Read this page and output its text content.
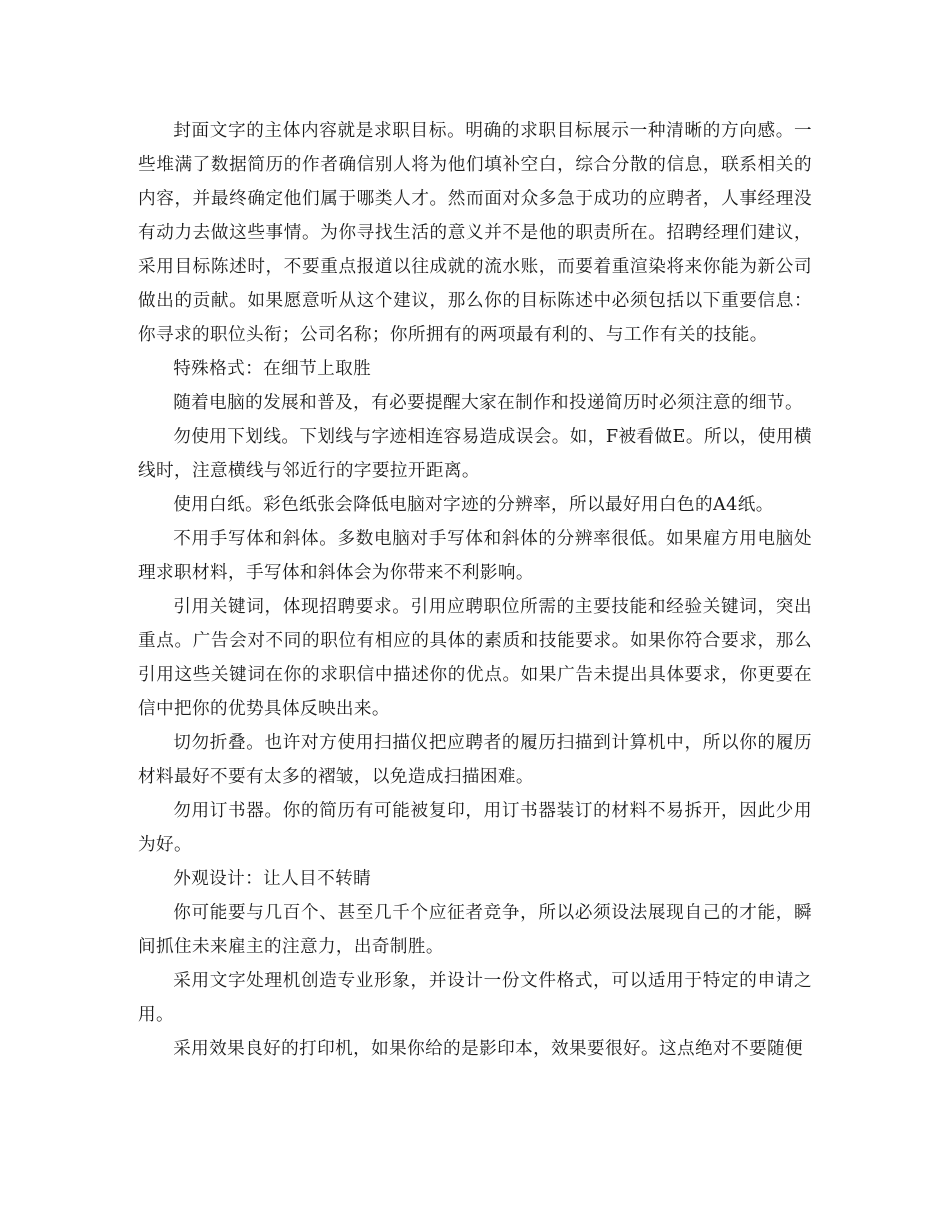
封面文字的主体内容就是求职目标。明确的求职目标展示一种清晰的方向感。一些堆满了数据简历的作者确信别人将为他们填补空白，综合分散的信息，联系相关的内容，并最终确定他们属于哪类人才。然而面对众多急于成功的应聘者，人事经理没有动力去做这些事情。为你寻找生活的意义并不是他的职责所在。招聘经理们建议，采用目标陈述时，不要重点报道以往成就的流水账，而要着重渲染将来你能为新公司做出的贡献。如果愿意听从这个建议，那么你的目标陈述中必须包括以下重要信息：你寻求的职位头衔；公司名称；你所拥有的两项最有利的、与工作有关的技能。

特殊格式：在细节上取胜

随着电脑的发展和普及，有必要提醒大家在制作和投递简历时必须注意的细节。

勿使用下划线。下划线与字迹相连容易造成误会。如，F被看做E。所以，使用横线时，注意横线与邻近行的字要拉开距离。

使用白纸。彩色纸张会降低电脑对字迹的分辨率，所以最好用白色的A4纸。

不用手写体和斜体。多数电脑对手写体和斜体的分辨率很低。如果雇方用电脑处理求职材料，手写体和斜体会为你带来不利影响。

引用关键词，体现招聘要求。引用应聘职位所需的主要技能和经验关键词，突出重点。广告会对不同的职位有相应的具体的素质和技能要求。如果你符合要求，那么引用这些关键词在你的求职信中描述你的优点。如果广告未提出具体要求，你更要在信中把你的优势具体反映出来。

切勿折叠。也许对方使用扫描仪把应聘者的履历扫描到计算机中，所以你的履历材料最好不要有太多的褶皱，以免造成扫描困难。

勿用订书器。你的简历有可能被复印，用订书器装订的材料不易拆开，因此少用为好。

外观设计：让人目不转睛

你可能要与几百个、甚至几千个应征者竞争，所以必须设法展现自己的才能，瞬间抓住未来雇主的注意力，出奇制胜。

采用文字处理机创造专业形象，并设计一份文件格式，可以适用于特定的申请之用。

采用效果良好的打印机，如果你给的是影印本，效果要很好。这点绝对不要随便
